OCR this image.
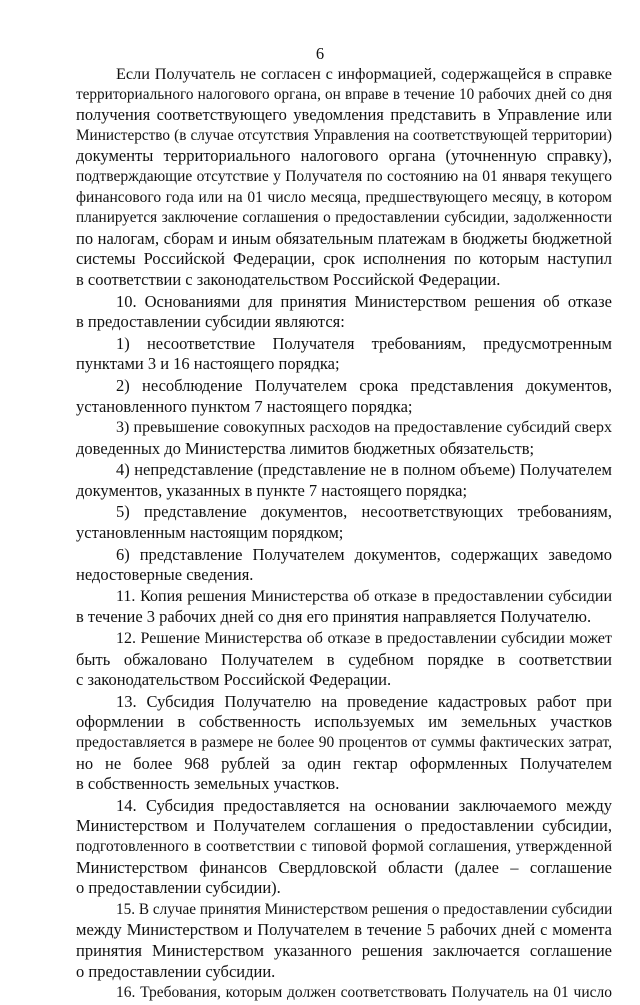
6
Если Получатель не согласен с информацией, содержащейся в справке
территориального налогового органа, он вправе в течение 10 рабочих дней со дня
получения соответствующего уведомления представить в Управление или
Министерство (в случае отсутствия Управления на соответствующей территории)
документы территориального налогового органа (уточненную справку),
подтверждающие отсутствие у Получателя по состоянию на 01 января текущего
финансового года или на 01 число месяца, предшествующего месяцу, в котором
планируется заключение соглашения о предоставлении субсидии, задолженности
по налогам, сборам и иным обязательным платежам в бюджеты бюджетной
системы Российской Федерации, срок исполнения по которым наступил
в соответствии с законодательством Российской Федерации.
10. Основаниями для принятия Министерством решения об отказе
в предоставлении субсидии являются:
1) несоответствие Получателя требованиям, предусмотренным
пунктами 3 и 16 настоящего порядка;
2) несоблюдение Получателем срока представления документов,
установленного пунктом 7 настоящего порядка;
3) превышение совокупных расходов на предоставление субсидий сверх
доведенных до Министерства лимитов бюджетных обязательств;
4) непредставление (представление не в полном объеме) Получателем
документов, указанных в пункте 7 настоящего порядка;
5) представление документов, несоответствующих требованиям,
установленным настоящим порядком;
6) представление Получателем документов, содержащих заведомо
недостоверные сведения.
11. Копия решения Министерства об отказе в предоставлении субсидии
в течение 3 рабочих дней со дня его принятия направляется Получателю.
12. Решение Министерства об отказе в предоставлении субсидии может
быть обжаловано Получателем в судебном порядке в соответствии
с законодательством Российской Федерации.
13. Субсидия Получателю на проведение кадастровых работ при
оформлении в собственность используемых им земельных участков
предоставляется в размере не более 90 процентов от суммы фактических затрат,
но не более 968 рублей за один гектар оформленных Получателем
в собственность земельных участков.
14. Субсидия предоставляется на основании заключаемого между
Министерством и Получателем соглашения о предоставлении субсидии,
подготовленного в соответствии с типовой формой соглашения, утвержденной
Министерством финансов Свердловской области (далее – соглашение
о предоставлении субсидии).
15. В случае принятия Министерством решения о предоставлении субсидии
между Министерством и Получателем в течение 5 рабочих дней с момента
принятия Министерством указанного решения заключается соглашение
о предоставлении субсидии.
16. Требования, которым должен соответствовать Получатель на 01 число
